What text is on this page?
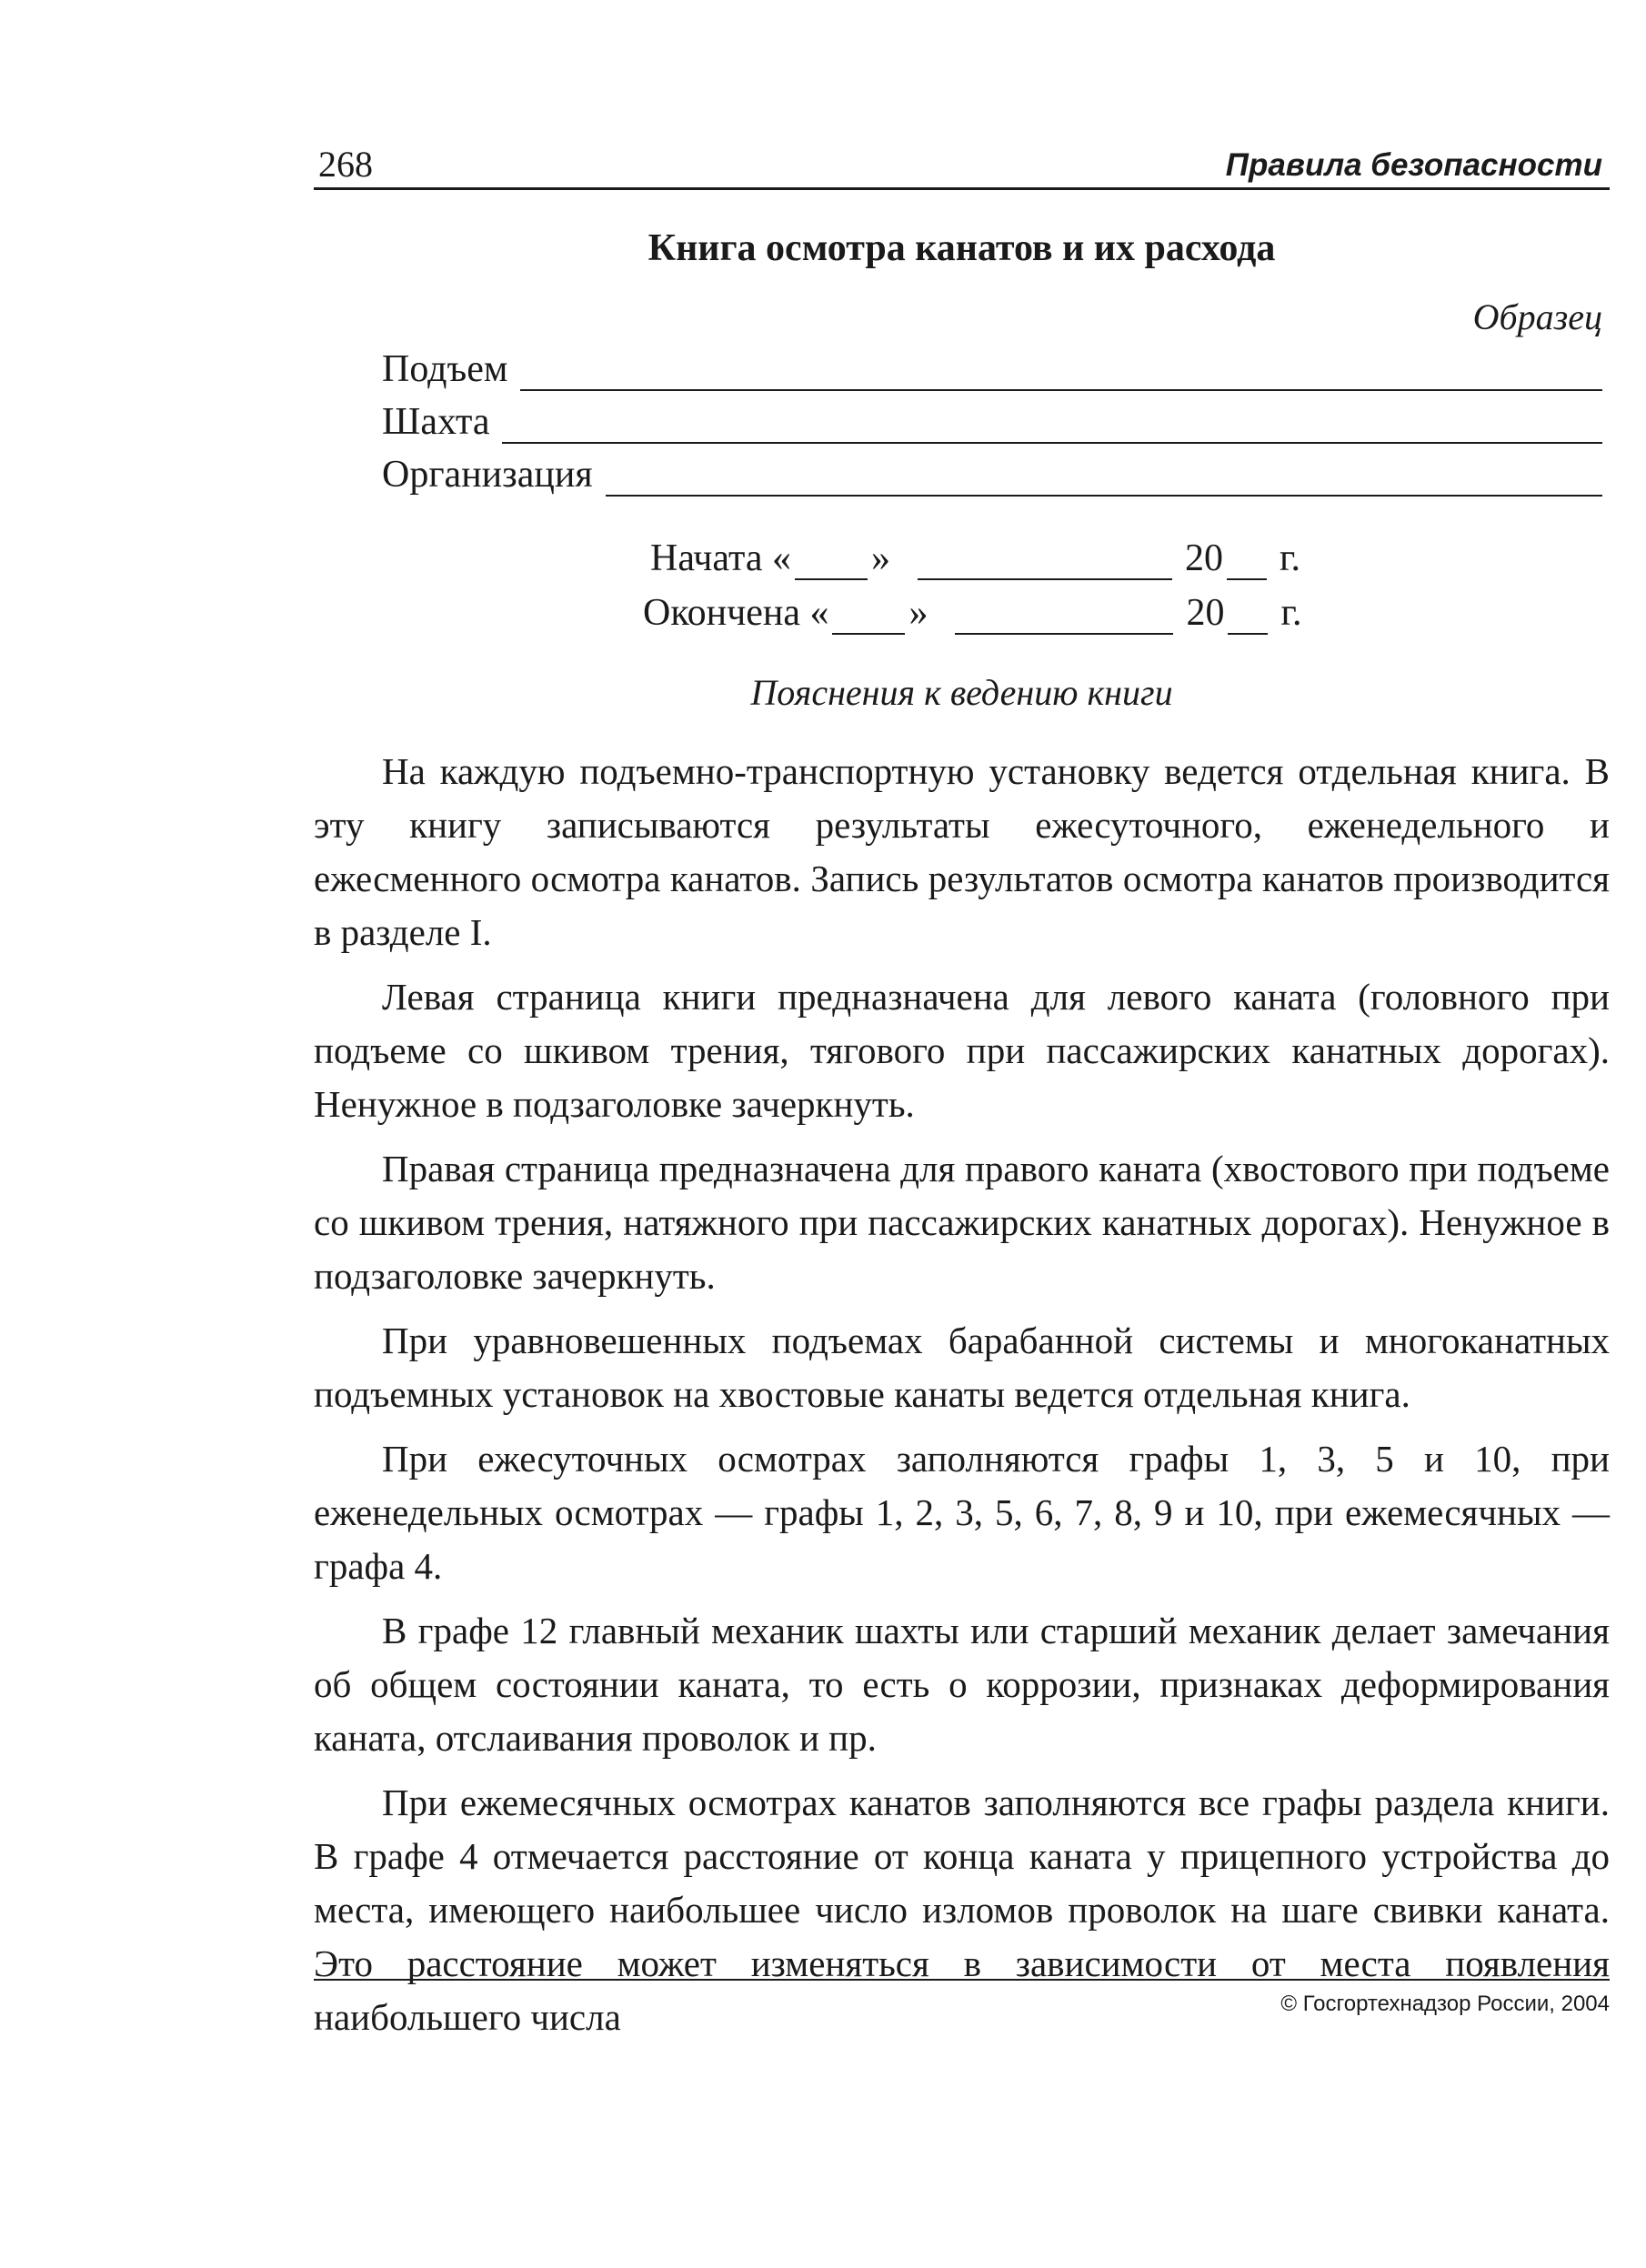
268	Правила безопасности
Книга осмотра канатов и их расхода
Образец
Подъем
Шахта
Организация
Начата « »	20 г.
Окончена « »	20 г.
Пояснения к ведению книги

На каждую подъемно-транспортную установку ведется отдельная книга. В эту книгу записываются результаты ежесуточного, еженедельного и ежесменного осмотра канатов. Запись результатов осмотра канатов производится в разделе I.

Левая страница книги предназначена для левого каната (головного при подъеме со шкивом трения, тягового при пассажирских канатных дорогах). Ненужное в подзаголовке зачеркнуть.

Правая страница предназначена для правого каната (хвостового при подъеме со шкивом трения, натяжного при пассажирских канатных дорогах). Ненужное в подзаголовке зачеркнуть.

При уравновешенных подъемах барабанной системы и многоканатных подъемных установок на хвостовые канаты ведется отдельная книга.

При ежесуточных осмотрах заполняются графы 1, 3, 5 и 10, при еженедельных осмотрах — графы 1, 2, 3, 5, 6, 7, 8, 9 и 10, при ежемесячных — графа 4.

В графе 12 главный механик шахты или старший механик делает замечания об общем состоянии каната, то есть о коррозии, признаках деформирования каната, отслаивания проволок и пр.

При ежемесячных осмотрах канатов заполняются все графы раздела книги. В графе 4 отмечается расстояние от конца каната у прицепного устройства до места, имеющего наибольшее число изломов проволок на шаге свивки каната. Это расстояние может изменяться в зависимости от места появления наибольшего числа	© Госгортехнадзор России, 2004
